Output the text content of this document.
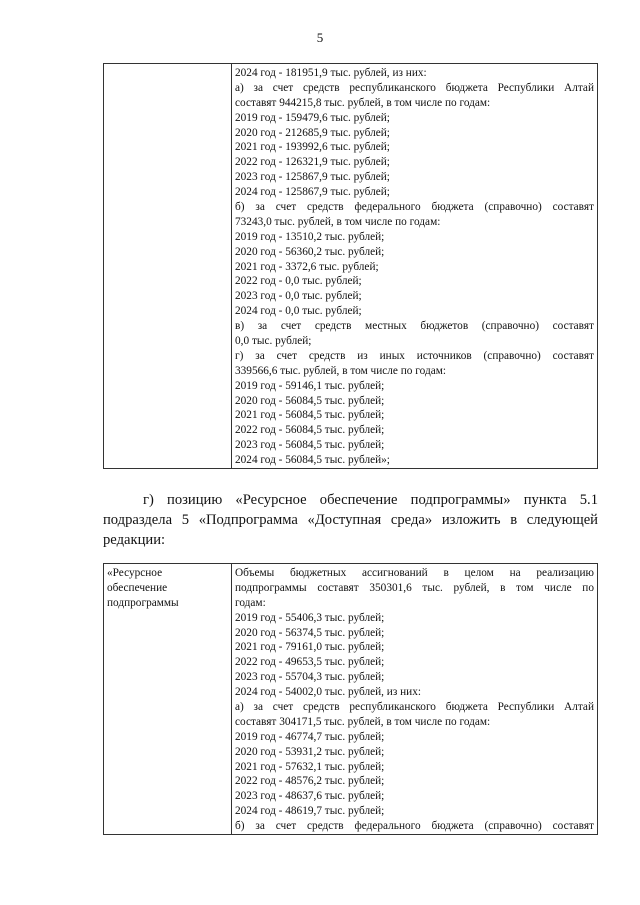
5

2024 год - 181951,9 тыс. рублей, из них:
а) за счет средств республиканского бюджета Республики Алтай
составят 944215,8 тыс. рублей, в том числе по годам:
2019 год - 159479,6 тыс. рублей;
2020 год - 212685,9 тыс. рублей;
2021 год - 193992,6 тыс. рублей;
2022 год - 126321,9 тыс. рублей;
2023 год - 125867,9 тыс. рублей;
2024 год - 125867,9 тыс. рублей;
б) за счет средств федерального бюджета (справочно) составят
73243,0 тыс. рублей, в том числе по годам:
2019 год - 13510,2 тыс. рублей;
2020 год - 56360,2 тыс. рублей;
2021 год - 3372,6 тыс. рублей;
2022 год - 0,0 тыс. рублей;
2023 год - 0,0 тыс. рублей;
2024 год - 0,0 тыс. рублей;
в) за счет средств местных бюджетов (справочно) составят
0,0 тыс. рублей;
г) за счет средств из иных источников (справочно) составят
339566,6 тыс. рублей, в том числе по годам:
2019 год - 59146,1 тыс. рублей;
2020 год - 56084,5 тыс. рублей;
2021 год - 56084,5 тыс. рублей;
2022 год - 56084,5 тыс. рублей;
2023 год - 56084,5 тыс. рублей;
2024 год - 56084,5 тыс. рублей»;
г) позицию «Ресурсное обеспечение подпрограммы» пункта 5.1
подраздела 5 «Подпрограмма «Доступная среда» изложить в следующей
редакции:
«Ресурсное
обеспечение
подпрограммы

Объемы бюджетных ассигнований в целом на реализацию
подпрограммы составят 350301,6 тыс. рублей, в том числе по
годам:
2019 год - 55406,3 тыс. рублей;
2020 год - 56374,5 тыс. рублей;
2021 год - 79161,0 тыс. рублей;
2022 год - 49653,5 тыс. рублей;
2023 год - 55704,3 тыс. рублей;
2024 год - 54002,0 тыс. рублей, из них:
а) за счет средств республиканского бюджета Республики Алтай
составят 304171,5 тыс. рублей, в том числе по годам:
2019 год - 46774,7 тыс. рублей;
2020 год - 53931,2 тыс. рублей;
2021 год - 57632,1 тыс. рублей;
2022 год - 48576,2 тыс. рублей;
2023 год - 48637,6 тыс. рублей;
2024 год - 48619,7 тыс. рублей;
б) за счет средств федерального бюджета (справочно) составят
